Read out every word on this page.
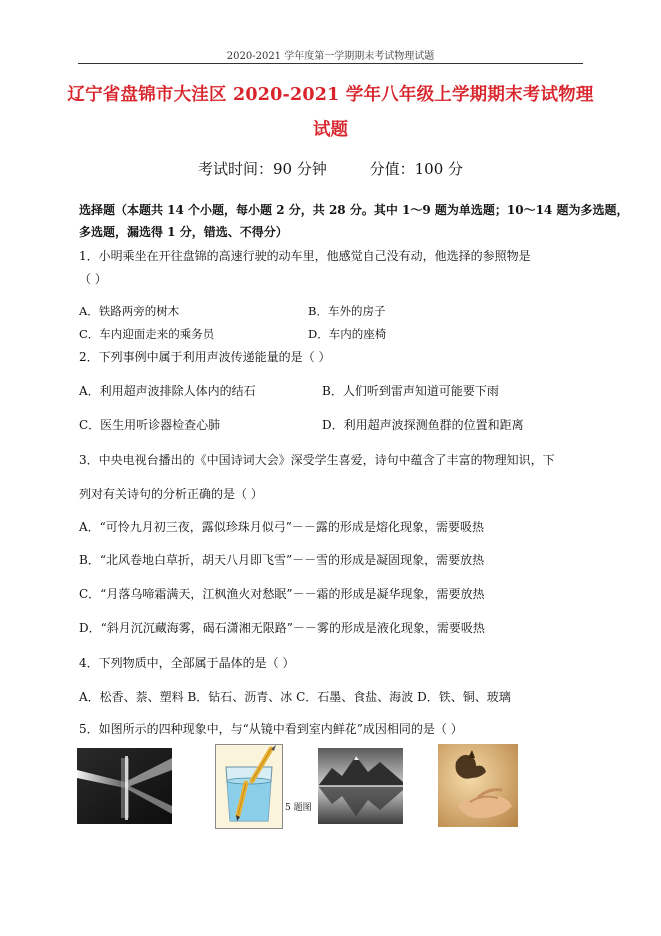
2020-2021 学年度第一学期期末考试物理试题
辽宁省盘锦市大洼区 2020-2021 学年八年级上学期期末考试物理
试题
考试时间：90 分钟	分值：100 分
选择题（本题共 14 个小题，每小题 2 分，共 28 分。其中 1～9 题为单选题；10～14 题为多选题，
多选题，漏选得 1 分，错选、不得分）
1．小明乘坐在开往盘锦的高速行驶的动车里，他感觉自己没有动，他选择的参照物是
（ ）
A．铁路两旁的树木	B．车外的房子
C．车内迎面走来的乘务员	D．车内的座椅
2．下列事例中属于利用声波传递能量的是（ ）
A．利用超声波排除人体内的结石	B．人们听到雷声知道可能要下雨
C．医生用听诊器检查心肺	D．利用超声波探测鱼群的位置和距离
3．中央电视台播出的《中国诗词大会》深受学生喜爱，诗句中蕴含了丰富的物理知识，下
列对有关诗句的分析正确的是（ ）
A．“可怜九月初三夜，露似珍珠月似弓”－－露的形成是熔化现象，需要吸热
B．“北风卷地白草折，胡天八月即飞雪”－－雪的形成是凝固现象，需要放热
C．“月落乌啼霜满天，江枫渔火对愁眠”－－霜的形成是凝华现象，需要放热
D．“斜月沉沉藏海雾，碣石潇湘无限路”－－雾的形成是液化现象，需要吸热
4．下列物质中，全部属于晶体的是（ ）
A．松香、萘、塑料 B．钻石、沥青、冰 C．石墨、食盐、海波 D．铁、铜、玻璃
5．如图所示的四种现象中，与“从镜中看到室内鲜花”成因相同的是（ ）
5 题图
